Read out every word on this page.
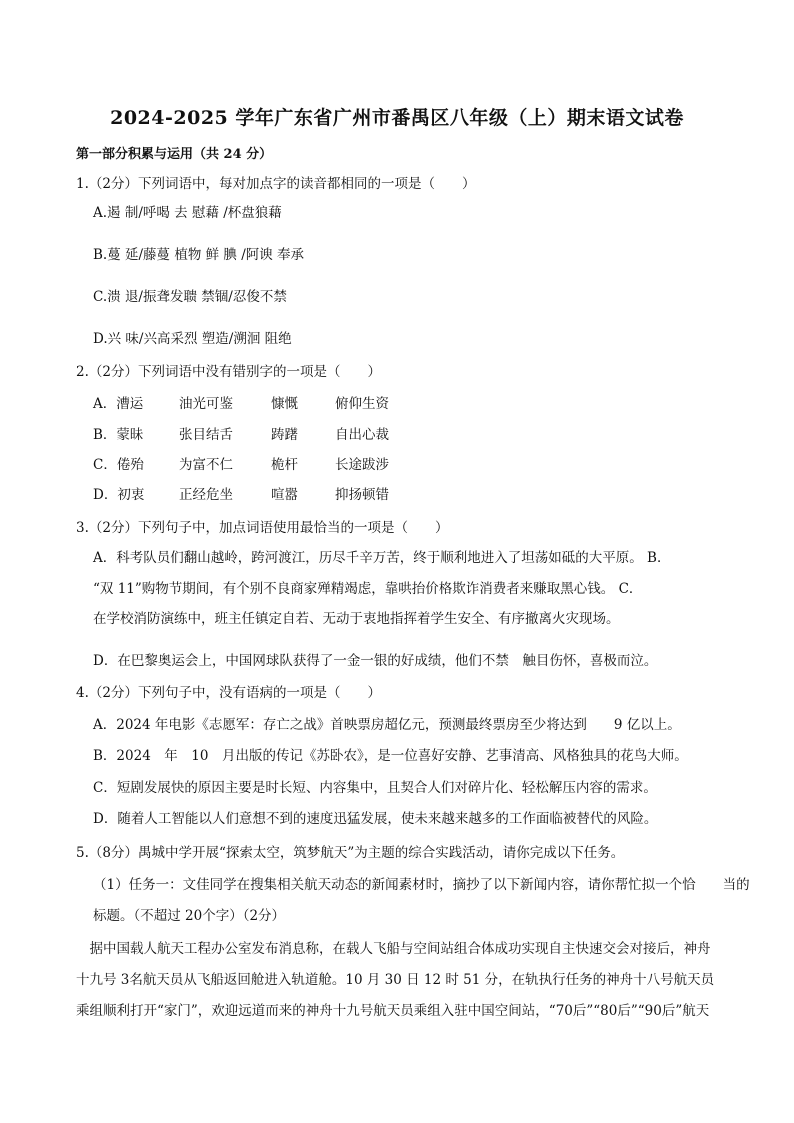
2024-2025 学年广东省广州市番禺区八年级（上）期末语文试卷
第一部分积累与运用（共 24 分）
1.（2分）下列词语中，每对加点字的读音都相同的一项是（　　）
A.遏 制/呼喝 去 慰藉 /杯盘狼藉
B.蔓 延/藤蔓 植物 鲜 腆 /阿谀 奉承
C.溃 退/振聋发聩 禁锢/忍俊不禁
D.兴 味/兴高采烈 塑造/溯洄 阻绝
2.（2分）下列词语中没有错别字的一项是（　　）
A．漕运	油光可鉴	慷慨	俯仰生资
B．蒙昧	张目结舌	踌躇	自出心裁
C．倦殆	为富不仁	桅杆	长途跋涉
D．初衷	正经危坐	喧嚣	抑扬顿错
3.（2分）下列句子中，加点词语使用最恰当的一项是（　　）
A．科考队员们翻山越岭，跨河渡江，历尽千辛万苦，终于顺利地进入了坦荡如砥的大平原。 B．
“双 11”购物节期间，有个别不良商家殚精竭虑，靠哄抬价格欺诈消费者来赚取黑心钱。 C．
在学校消防演练中，班主任镇定自若、无动于衷地指挥着学生安全、有序撤离火灾现场。
D．在巴黎奥运会上，中国网球队获得了一金一银的好成绩，他们不禁　触目伤怀，喜极而泣。
4.（2分）下列句子中，没有语病的一项是（　　）
A．2024 年电影《志愿军：存亡之战》首映票房超亿元，预测最终票房至少将达到　　9 亿以上。
B．2024　年　10　月出版的传记《苏卧农》，是一位喜好安静、艺事清高、风格独具的花鸟大师。
C．短剧发展快的原因主要是时长短、内容集中，且契合人们对碎片化、轻松解压内容的需求。
D．随着人工智能以人们意想不到的速度迅猛发展，使未来越来越多的工作面临被替代的风险。
5.（8分）禺城中学开展“探索太空，筑梦航天”为主题的综合实践活动，请你完成以下任务。
（1）任务一：文佳同学在搜集相关航天动态的新闻素材时，摘抄了以下新闻内容，请你帮忙拟一个恰　　当的
标题。（不超过 20个字）（2分）
　据中国载人航天工程办公室发布消息称，在载人飞船与空间站组合体成功实现自主快速交会对接后，神舟
十九号 3名航天员从飞船返回舱进入轨道舱。10 月 30 日 12 时 51 分，在轨执行任务的神舟十八号航天员
乘组顺利打开“家门”，欢迎远道而来的神舟十九号航天员乘组入驻中国空间站，“70后”“80后”“90后”航天
